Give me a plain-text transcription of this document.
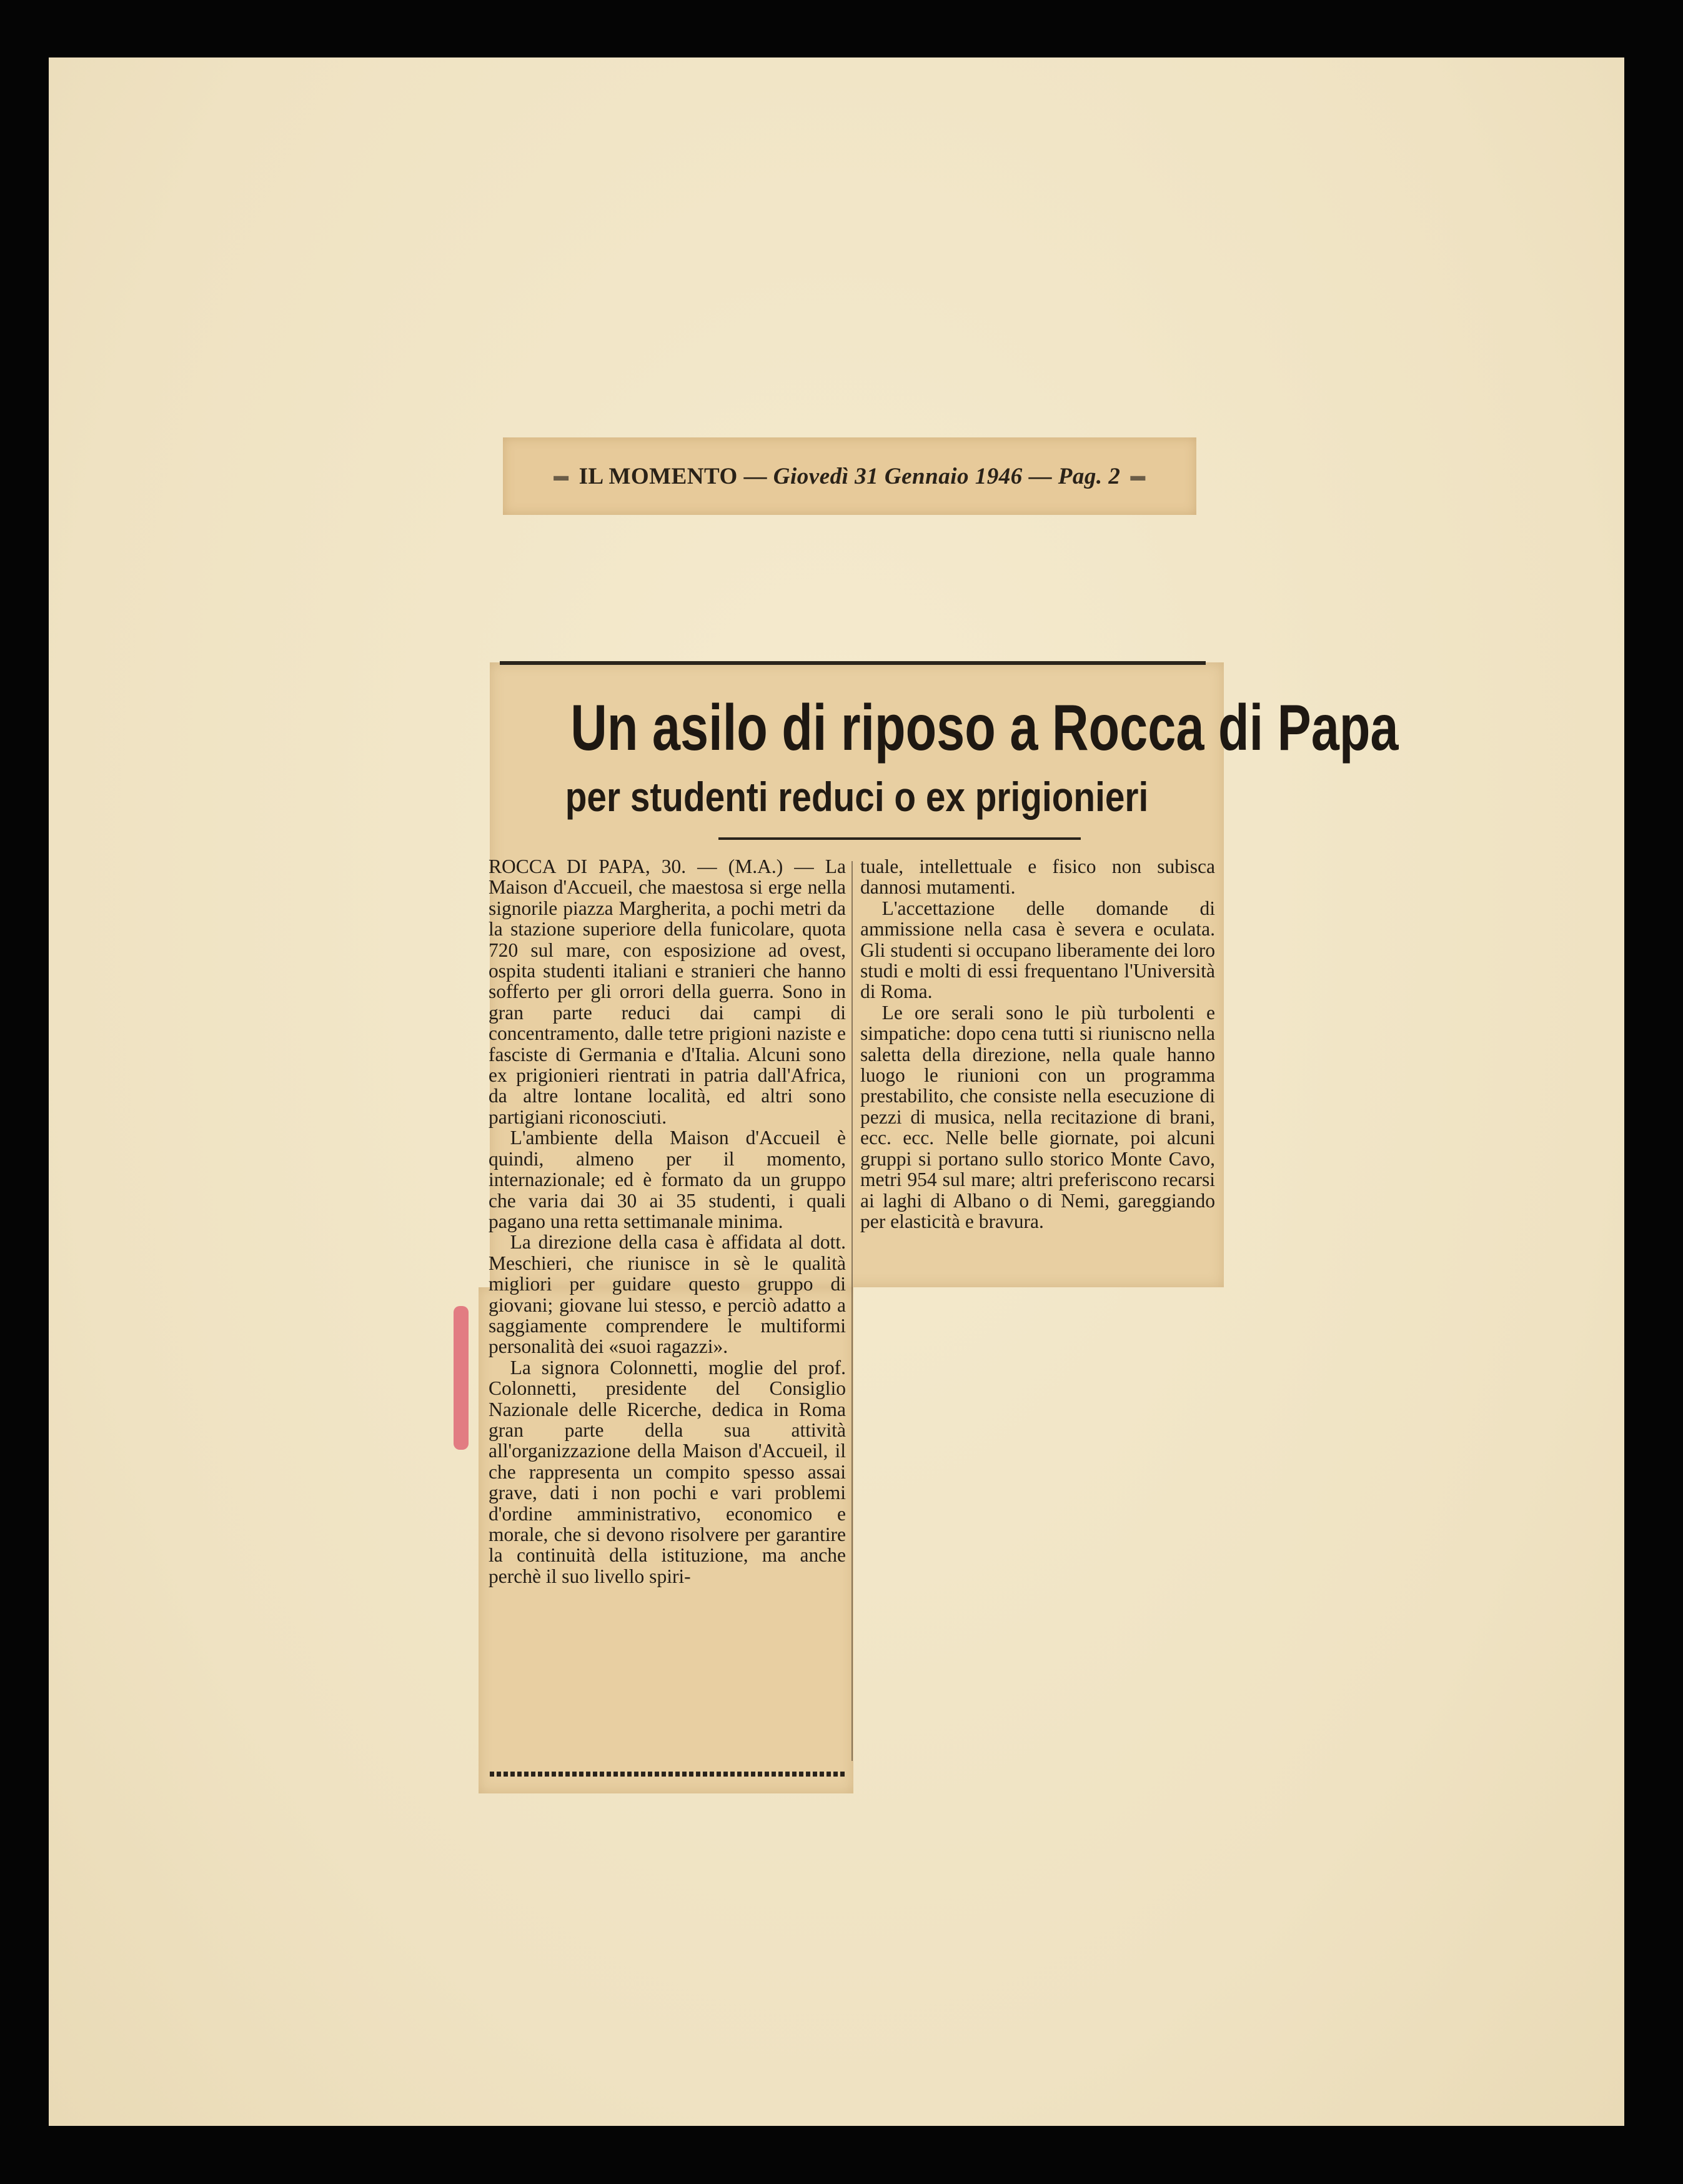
▬ IL MOMENTO
—
Giovedì 31 Gennaio 1946
—
Pag. 2 ▬
Un asilo di riposo a Rocca di Papa
per studenti reduci o ex prigionieri

ROCCA DI PAPA, 30. — (M.A.) — La Maison d'Accueil, che maestosa si erge nella signorile piazza Margherita, a pochi metri da la stazione superiore della funicolare, quota 720 sul mare, con esposizione ad ovest, ospita studenti italiani e stranieri che hanno sofferto per gli orrori della guerra. Sono in gran parte reduci dai campi di concentramento, dalle tetre prigioni naziste e fasciste di Germania e d'Italia. Alcuni sono ex prigionieri rientrati in patria dall'Africa, da altre lontane località, ed altri sono partigiani riconosciuti.

L'ambiente della Maison d'Accueil è quindi, almeno per il momento, internazionale; ed è formato da un gruppo che varia dai 30 ai 35 studenti, i quali pagano una retta settimanale minima.

La direzione della casa è affidata al dott. Meschieri, che riunisce in sè le qualità migliori per guidare questo gruppo di giovani; giovane lui stesso, e perciò adatto a saggiamente comprendere le multiformi personalità dei «suoi ragazzi».

La signora Colonnetti, moglie del prof. Colonnetti, presidente del Consiglio Nazionale delle Ricerche, dedica in Roma gran parte della sua attività all'organizzazione della Maison d'Accueil, il che rappresenta un compito spesso assai grave, dati i non pochi e vari problemi d'ordine amministrativo, economico e morale, che si devono risolvere per garantire la continuità della istituzione, ma anche perchè il suo livello spiri-

tuale, intellettuale e fisico non subisca dannosi mutamenti.

L'accettazione delle domande di ammissione nella casa è severa e oculata. Gli studenti si occupano liberamente dei loro studi e molti di essi frequentano l'Università di Roma.

Le ore serali sono le più turbolenti e simpatiche: dopo cena tutti si riuniscno nella saletta della direzione, nella quale hanno luogo le riunioni con un programma prestabilito, che consiste nella esecuzione di pezzi di musica, nella recitazione di brani, ecc. ecc. Nelle belle giornate, poi alcuni gruppi si portano sullo storico Monte Cavo, metri 954 sul mare; altri preferiscono recarsi ai laghi di Albano o di Nemi, gareggiando per elasticità e bravura.
